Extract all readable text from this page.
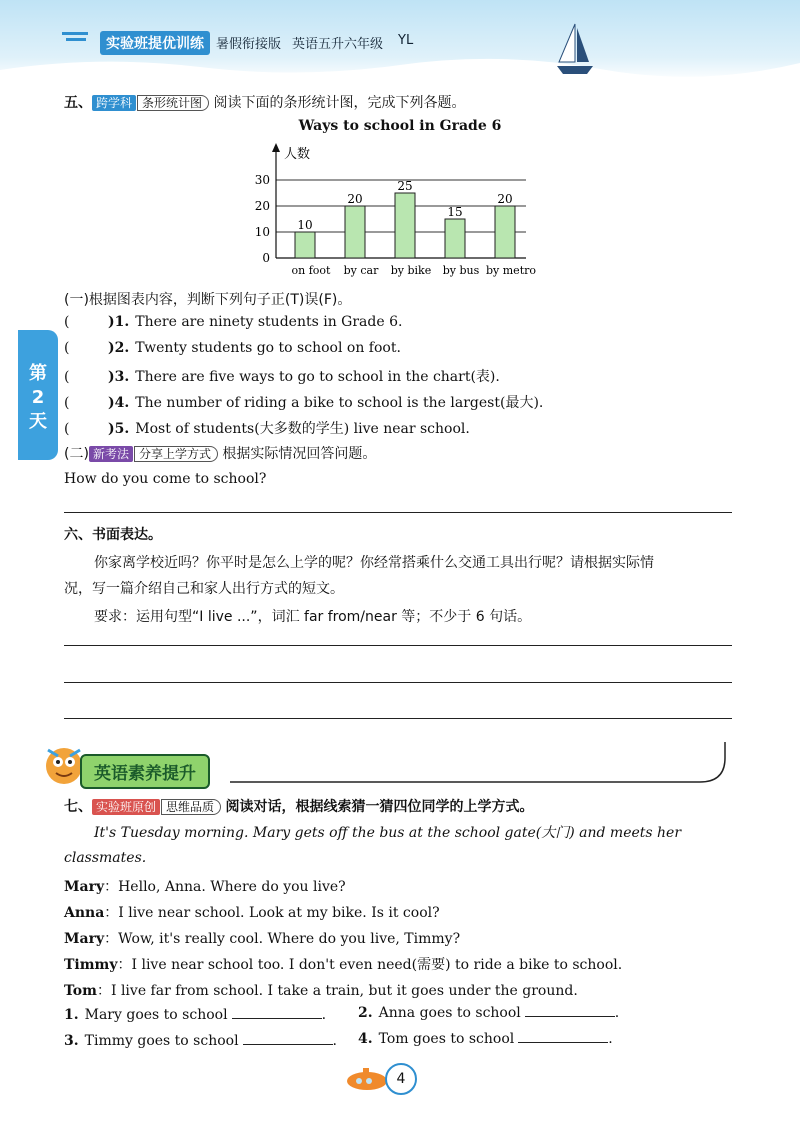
实验班提优训练 暑假衔接版 英语五升六年级 YL
第2天
五、 跨学科 条形统计图 阅读下面的条形统计图，完成下列各题。
Ways to school in Grade 6
人数
0
10
20
30
10
on foot
20
by car
25
by bike
15
by bus
20
by metro
(一)根据图表内容，判断下列句子正(T)误(F)。
(	)1. There are ninety students in Grade 6.
(	)2. Twenty students go to school on foot.
(	)3. There are five ways to go to school in the chart(表).
(	)4. The number of riding a bike to school is the largest(最大).
(	)5. Most of students(大多数的学生) live near school.
(二) 新考法 分享上学方式 根据实际情况回答问题。
How do you come to school?
六、书面表达。
你家离学校近吗？你平时是怎么上学的呢？你经常搭乘什么交通工具出行呢？请根据实际情
况，写一篇介绍自己和家人出行方式的短文。
要求：运用句型“I live ...”，词汇 far from/near 等；不少于 6 句话。
英语素养提升
七、 实验班原创 思维品质 阅读对话，根据线索猜一猜四位同学的上学方式。
It's Tuesday morning. Mary gets off the bus at the school gate(大门) and meets her
classmates.
Mary：Hello, Anna. Where do you live?
Anna：I live near school. Look at my bike. Is it cool?
Mary：Wow, it's really cool. Where do you live, Timmy?
Timmy：I live near school too. I don't even need(需要) to ride a bike to school.
Tom：I live far from school. I take a train, but it goes under the ground.
1. Mary goes to school	. 2. Anna goes to school	.
3. Timmy goes to school	. 4. Tom goes to school	.
4
